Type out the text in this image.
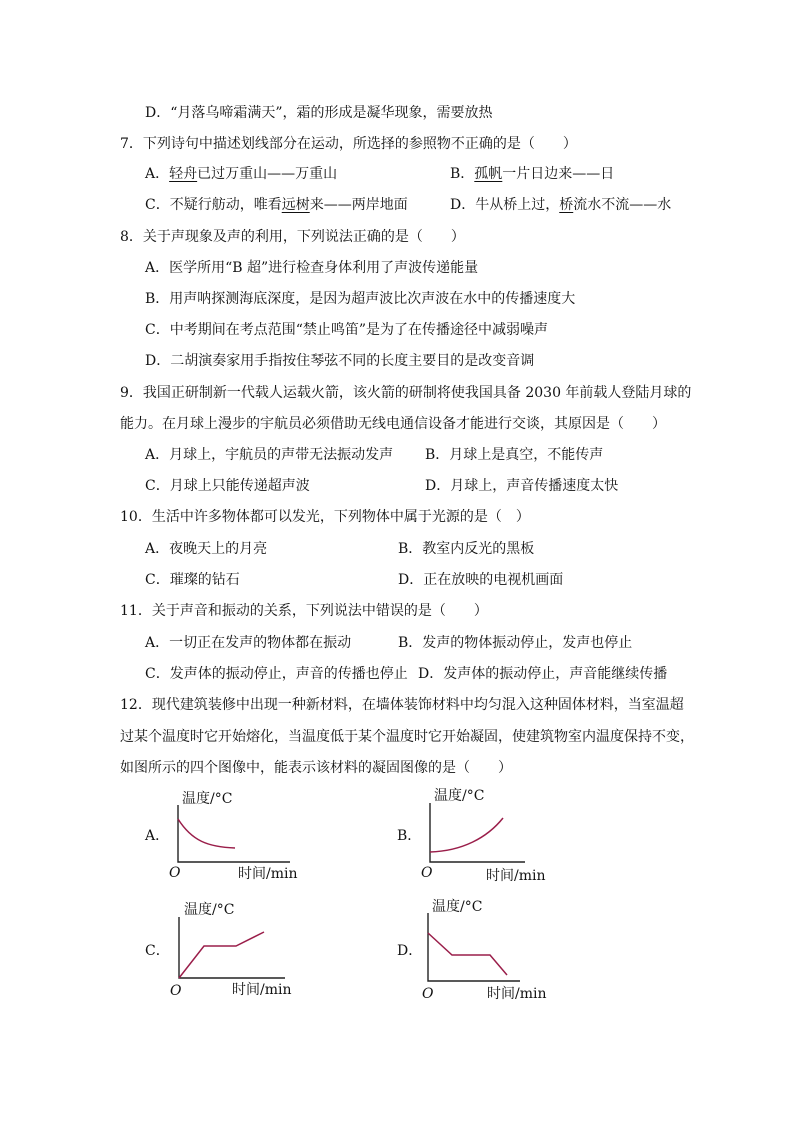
D．“月落乌啼霜满天”，霜的形成是凝华现象，需要放热
7．下列诗句中描述划线部分在运动，所选择的参照物不正确的是（　　）
A．轻舟已过万重山——万重山	B．孤帆一片日边来——日
C．不疑行舫动，唯看远树来——两岸地面	D．牛从桥上过，桥流水不流——水
8．关于声现象及声的利用，下列说法正确的是（　　）
A．医学所用“B 超”进行检查身体利用了声波传递能量
B．用声呐探测海底深度，是因为超声波比次声波在水中的传播速度大
C．中考期间在考点范围“禁止鸣笛”是为了在传播途径中减弱噪声
D．二胡演奏家用手指按住琴弦不同的长度主要目的是改变音调
9．我国正研制新一代载人运载火箭，该火箭的研制将使我国具备 2030 年前载人登陆月球的
能力。在月球上漫步的宇航员必须借助无线电通信设备才能进行交谈，其原因是（　　）
A．月球上，宇航员的声带无法振动发声 B．月球上是真空，不能传声
C．月球上只能传递超声波	D．月球上，声音传播速度太快
10．生活中许多物体都可以发光，下列物体中属于光源的是（　）
A．夜晚天上的月亮	B．教室内反光的黑板
C．璀璨的钻石	D．正在放映的电视机画面
11．关于声音和振动的关系，下列说法中错误的是（　　）
A．一切正在发声的物体都在振动	B．发声的物体振动停止，发声也停止
C．发声体的振动停止，声音的传播也停止 D．发声体的振动停止，声音能继续传播
12．现代建筑装修中出现一种新材料，在墙体装饰材料中均匀混入这种固体材料，当室温超
过某个温度时它开始熔化，当温度低于某个温度时它开始凝固，使建筑物室内温度保持不变，
如图所示的四个图像中，能表示该材料的凝固图像的是（　　）
A．
温度/°C
O	时间/min
B．
温度/°C
O	时间/min
C．
温度/°C
O	时间/min
D．
温度/°C
O	时间/min
